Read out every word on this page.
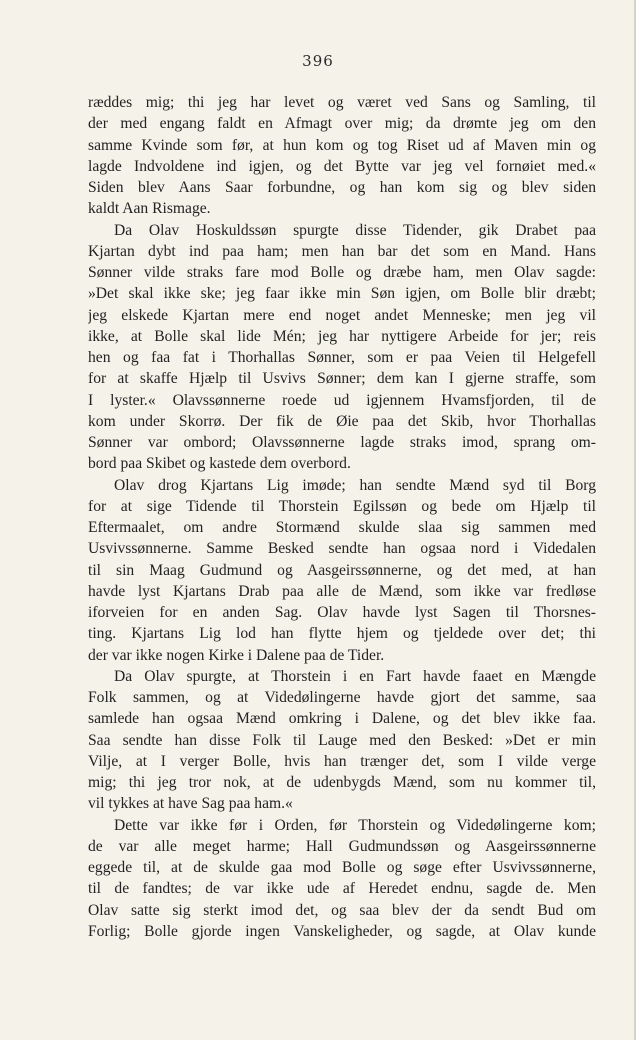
396
ræddes mig; thi jeg har levet og været ved Sans og Samling, til
der med engang faldt en Afmagt over mig; da drømte jeg om den
samme Kvinde som før, at hun kom og tog Riset ud af Maven min og
lagde Indvoldene ind igjen, og det Bytte var jeg vel fornøiet med.«
Siden blev Aans Saar forbundne, og han kom sig og blev siden
kaldt Aan Rismage.
Da Olav Hoskuldssøn spurgte disse Tidender, gik Drabet paa
Kjartan dybt ind paa ham; men han bar det som en Mand. Hans
Sønner vilde straks fare mod Bolle og dræbe ham, men Olav sagde:
»Det skal ikke ske; jeg faar ikke min Søn igjen, om Bolle blir dræbt;
jeg elskede Kjartan mere end noget andet Menneske; men jeg vil
ikke, at Bolle skal lide Mén; jeg har nyttigere Arbeide for jer; reis
hen og faa fat i Thorhallas Sønner, som er paa Veien til Helgefell
for at skaffe Hjælp til Usvivs Sønner; dem kan I gjerne straffe, som
I lyster.« Olavssønnerne roede ud igjennem Hvamsfjorden, til de
kom under Skorrø. Der fik de Øie paa det Skib, hvor Thorhallas
Sønner var ombord; Olavssønnerne lagde straks imod, sprang om-
bord paa Skibet og kastede dem overbord.
Olav drog Kjartans Lig imøde; han sendte Mænd syd til Borg
for at sige Tidende til Thorstein Egilssøn og bede om Hjælp til
Eftermaalet, om andre Stormænd skulde slaa sig sammen med
Usvivssønnerne. Samme Besked sendte han ogsaa nord i Videdalen
til sin Maag Gudmund og Aasgeirssønnerne, og det med, at han
havde lyst Kjartans Drab paa alle de Mænd, som ikke var fredløse
iforveien for en anden Sag. Olav havde lyst Sagen til Thorsnes-
ting. Kjartans Lig lod han flytte hjem og tjeldede over det; thi
der var ikke nogen Kirke i Dalene paa de Tider.
Da Olav spurgte, at Thorstein i en Fart havde faaet en Mængde
Folk sammen, og at Videdølingerne havde gjort det samme, saa
samlede han ogsaa Mænd omkring i Dalene, og det blev ikke faa.
Saa sendte han disse Folk til Lauge med den Besked: »Det er min
Vilje, at I verger Bolle, hvis han trænger det, som I vilde verge
mig; thi jeg tror nok, at de udenbygds Mænd, som nu kommer til,
vil tykkes at have Sag paa ham.«
Dette var ikke før i Orden, før Thorstein og Videdølingerne kom;
de var alle meget harme; Hall Gudmundssøn og Aasgeirssønnerne
eggede til, at de skulde gaa mod Bolle og søge efter Usvivssønnerne,
til de fandtes; de var ikke ude af Heredet endnu, sagde de. Men
Olav satte sig sterkt imod det, og saa blev der da sendt Bud om
Forlig; Bolle gjorde ingen Vanskeligheder, og sagde, at Olav kunde
